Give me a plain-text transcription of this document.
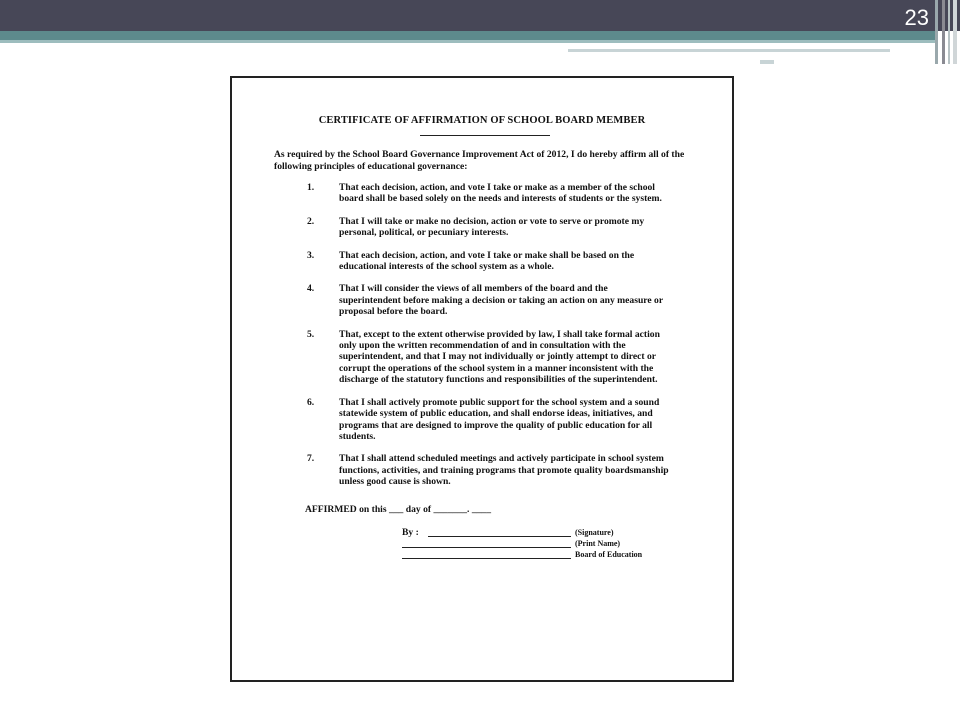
23
CERTIFICATE OF AFFIRMATION OF SCHOOL BOARD MEMBER
As required by the School Board Governance Improvement Act of 2012, I do hereby affirm all of the following principles of educational governance:
1.	That each decision, action, and vote I take or make as a member of the school board shall be based solely on the needs and interests of students or the system.
2.	That I will take or make no decision, action or vote to serve or promote my personal, political, or pecuniary interests.
3.	That each decision, action, and vote I take or make shall be based on the educational interests of the school system as a whole.
4.	That I will consider the views of all members of the board and the superintendent before making a decision or taking an action on any measure or proposal before the board.
5.	That, except to the extent otherwise provided by law, I shall take formal action only upon the written recommendation of and in consultation with the superintendent, and that I may not individually or jointly attempt to direct or corrupt the operations of the school system in a manner inconsistent with the discharge of the statutory functions and responsibilities of the superintendent.
6.	That I shall actively promote public support for the school system and a sound statewide system of public education, and shall endorse ideas, initiatives, and programs that are designed to improve the quality of public education for all students.
7.	That I shall attend scheduled meetings and actively participate in school system functions, activities, and training programs that promote quality boardsmanship unless good cause is shown.
AFFIRMED on this ___ day of _______. ____
By :	(Signature)
(Print Name)
Board of Education
